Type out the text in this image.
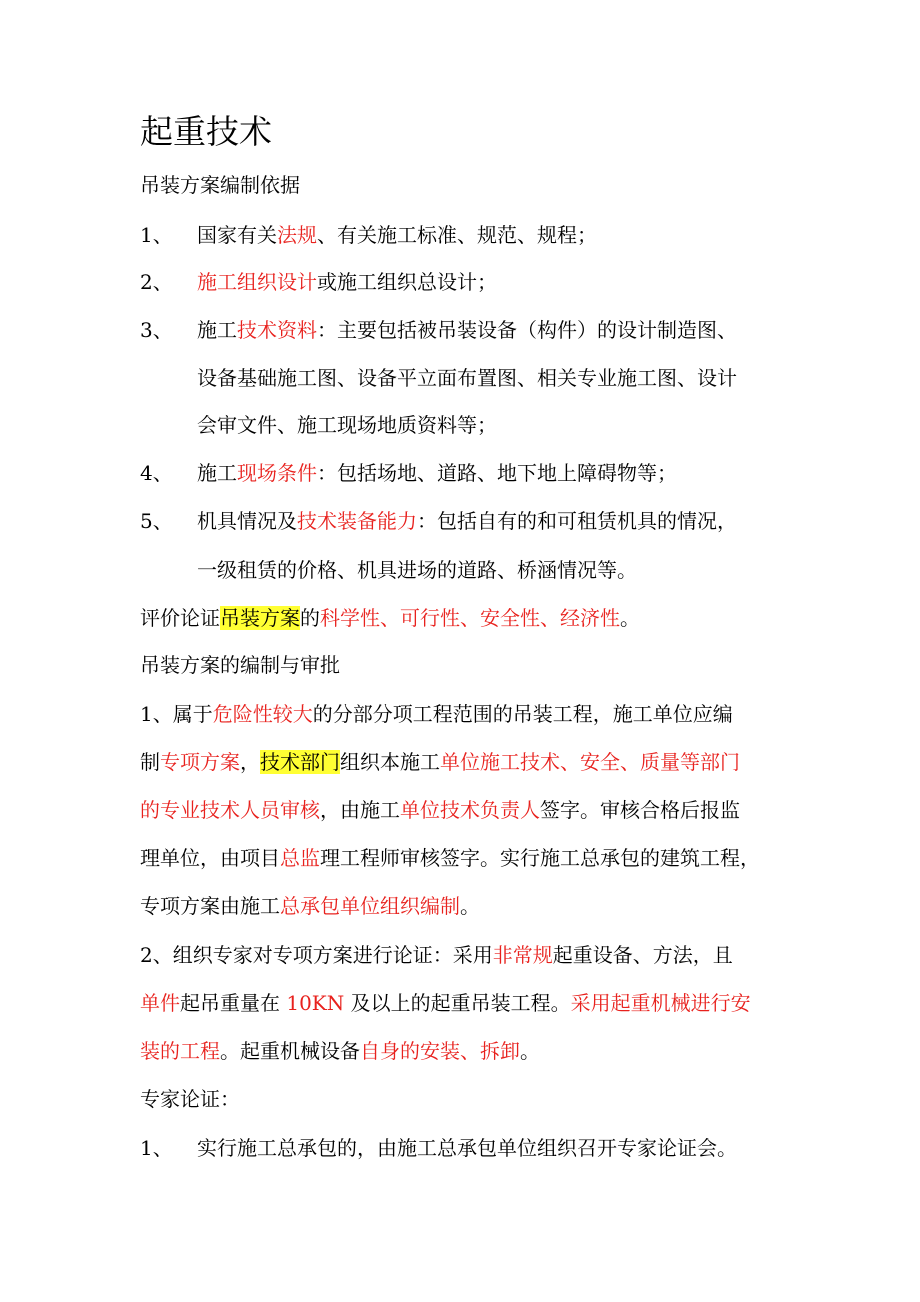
起重技术
吊装方案编制依据
1、 国家有关法规、有关施工标准、规范、规程；
2、 施工组织设计或施工组织总设计；
3、 施工技术资料：主要包括被吊装设备（构件）的设计制造图、
设备基础施工图、设备平立面布置图、相关专业施工图、设计
会审文件、施工现场地质资料等；
4、 施工现场条件：包括场地、道路、地下地上障碍物等；
5、 机具情况及技术装备能力：包括自有的和可租赁机具的情况，
一级租赁的价格、机具进场的道路、桥涵情况等。
评价论证吊装方案的科学性、可行性、安全性、经济性。
吊装方案的编制与审批
1、属于危险性较大的分部分项工程范围的吊装工程，施工单位应编
制专项方案，技术部门组织本施工单位施工技术、安全、质量等部门
的专业技术人员审核，由施工单位技术负责人签字。审核合格后报监
理单位，由项目总监理工程师审核签字。实行施工总承包的建筑工程，
专项方案由施工总承包单位组织编制。
2、组织专家对专项方案进行论证：采用非常规起重设备、方法，且
单件起吊重量在 10KN 及以上的起重吊装工程。采用起重机械进行安
装的工程。起重机械设备自身的安装、拆卸。
专家论证：
1、 实行施工总承包的，由施工总承包单位组织召开专家论证会。
